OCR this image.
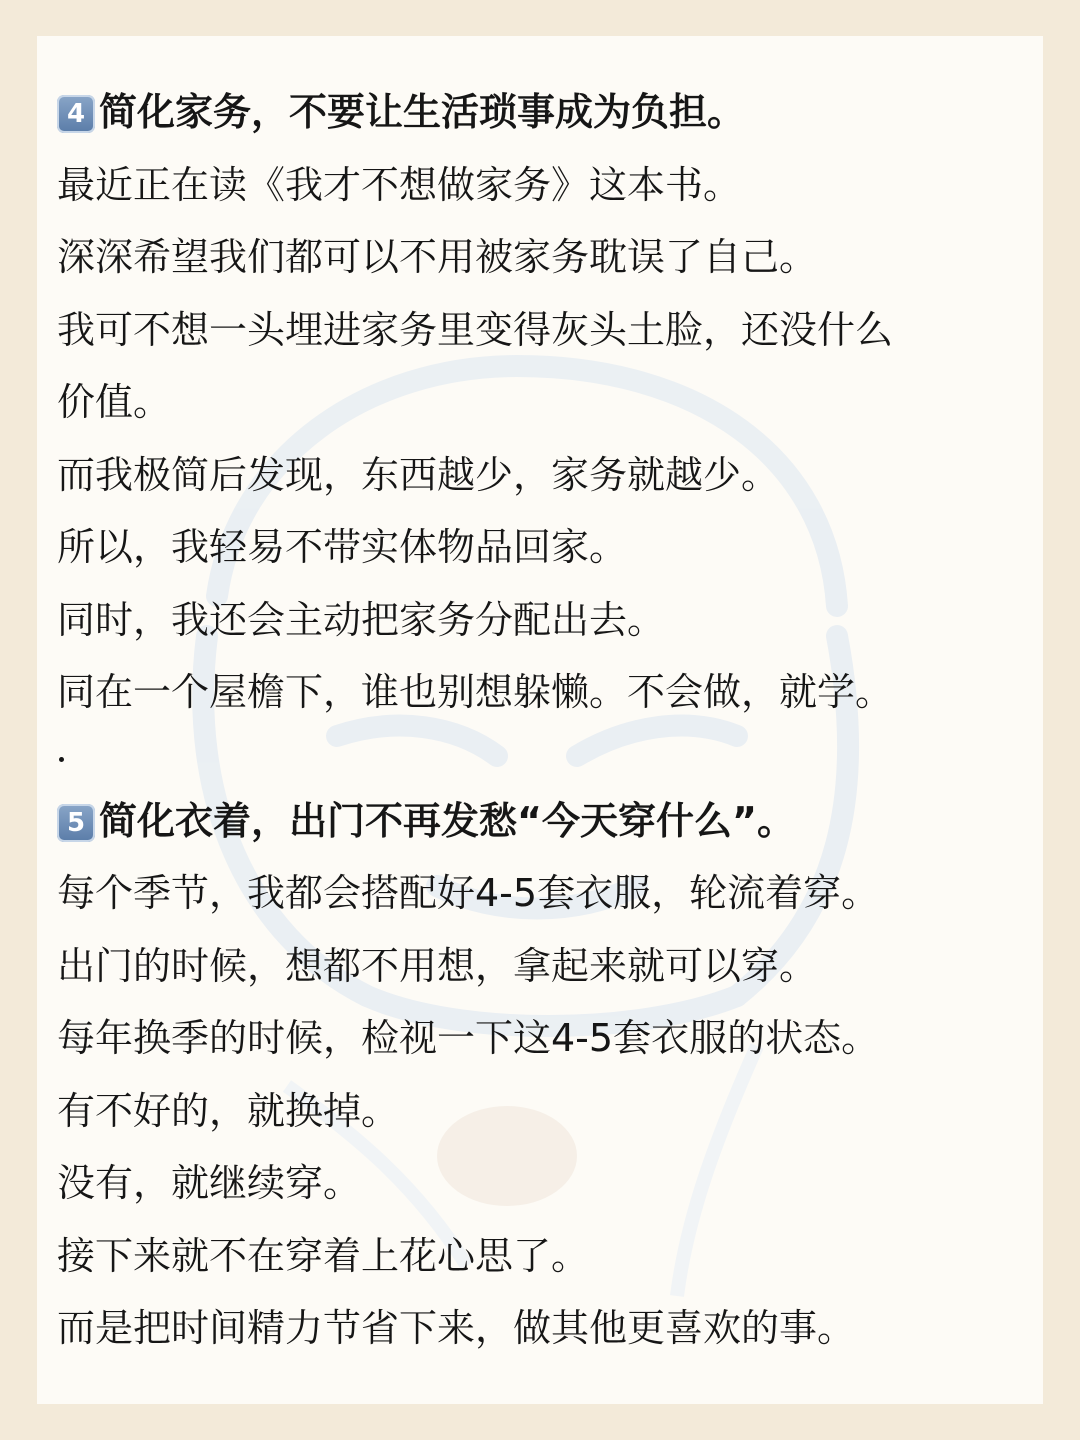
4 简化家务，不要让生活琐事成为负担。
最近正在读《我才不想做家务》这本书。
深深希望我们都可以不用被家务耽误了自己。
我可不想一头埋进家务里变得灰头土脸，还没什么
价值。
而我极简后发现，东西越少，家务就越少。
所以，我轻易不带实体物品回家。
同时，我还会主动把家务分配出去。
同在一个屋檐下，谁也别想躲懒。不会做，就学。
5 简化衣着，出门不再发愁“今天穿什么”。
每个季节，我都会搭配好4-5套衣服，轮流着穿。
出门的时候，想都不用想，拿起来就可以穿。
每年换季的时候，检视一下这4-5套衣服的状态。
有不好的，就换掉。
没有，就继续穿。
接下来就不在穿着上花心思了。
而是把时间精力节省下来，做其他更喜欢的事。
